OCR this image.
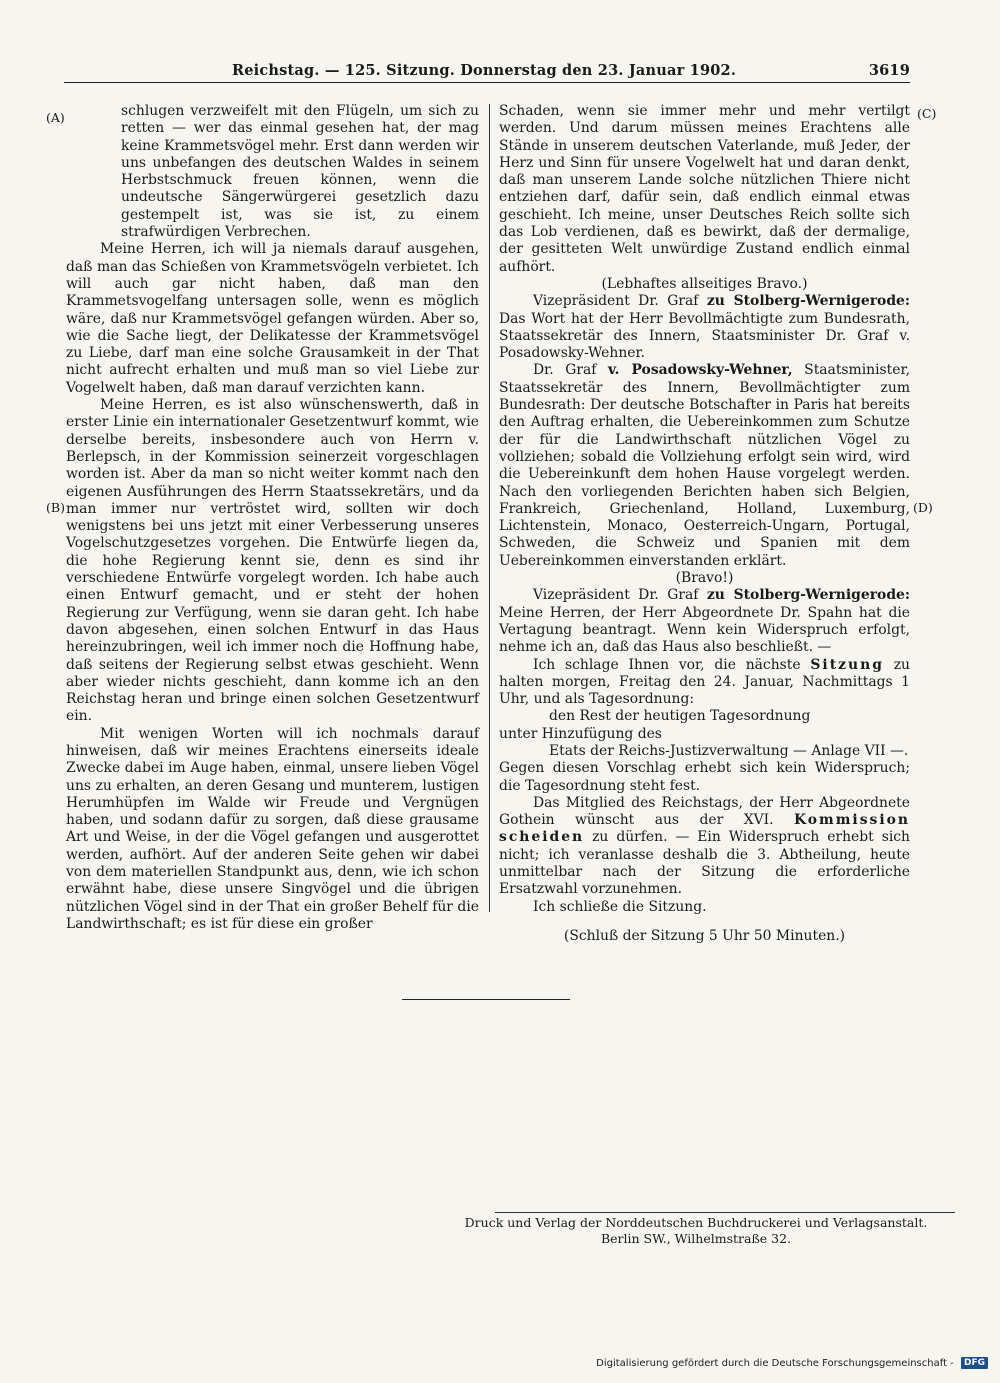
Reichstag. — 125. Sitzung. Donnerstag den 23. Januar 1902.	3619
(A)
(B)
(C)
(D)

schlugen verzweifelt mit den Flügeln, um sich zu retten — wer das einmal gesehen hat, der mag keine Krammetsvögel mehr. Erst dann werden wir uns unbefangen des deutschen Waldes in seinem Herbstschmuck freuen können, wenn die undeutsche Sängerwürgerei gesetzlich dazu gestempelt ist, was sie ist, zu einem strafwürdigen Verbrechen.

Meine Herren, ich will ja niemals darauf ausgehen, daß man das Schießen von Krammetsvögeln verbietet. Ich will auch gar nicht haben, daß man den Krammetsvogelfang untersagen solle, wenn es möglich wäre, daß nur Krammetsvögel gefangen würden. Aber so, wie die Sache liegt, der Delikatesse der Krammetsvögel zu Liebe, darf man eine solche Grausamkeit in der That nicht aufrecht erhalten und muß man so viel Liebe zur Vogelwelt haben, daß man darauf verzichten kann.

Meine Herren, es ist also wünschenswerth, daß in erster Linie ein internationaler Gesetzentwurf kommt, wie derselbe bereits, insbesondere auch von Herrn v. Berlepsch, in der Kommission seinerzeit vorgeschlagen worden ist. Aber da man so nicht weiter kommt nach den eigenen Ausführungen des Herrn Staatssekretärs, und da man immer nur vertröstet wird, sollten wir doch wenigstens bei uns jetzt mit einer Verbesserung unseres Vogelschutzgesetzes vorgehen. Die Entwürfe liegen da, die hohe Regierung kennt sie, denn es sind ihr verschiedene Entwürfe vorgelegt worden. Ich habe auch einen Entwurf gemacht, und er steht der hohen Regierung zur Verfügung, wenn sie daran geht. Ich habe davon abgesehen, einen solchen Entwurf in das Haus hereinzubringen, weil ich immer noch die Hoffnung habe, daß seitens der Regierung selbst etwas geschieht. Wenn aber wieder nichts geschieht, dann komme ich an den Reichstag heran und bringe einen solchen Gesetzentwurf ein.

Mit wenigen Worten will ich nochmals darauf hinweisen, daß wir meines Erachtens einerseits ideale Zwecke dabei im Auge haben, einmal, unsere lieben Vögel uns zu erhalten, an deren Gesang und munterem, lustigen Herumhüpfen im Walde wir Freude und Vergnügen haben, und sodann dafür zu sorgen, daß diese grausame Art und Weise, in der die Vögel gefangen und ausgerottet werden, aufhört. Auf der anderen Seite gehen wir dabei von dem materiellen Standpunkt aus, denn, wie ich schon erwähnt habe, diese unsere Singvögel und die übrigen nützlichen Vögel sind in der That ein großer Behelf für die Landwirthschaft; es ist für diese ein großer

Schaden, wenn sie immer mehr und mehr vertilgt werden. Und darum müssen meines Erachtens alle Stände in unserem deutschen Vaterlande, muß Jeder, der Herz und Sinn für unsere Vogelwelt hat und daran denkt, daß man unserem Lande solche nützlichen Thiere nicht entziehen darf, dafür sein, daß endlich einmal etwas geschieht. Ich meine, unser Deutsches Reich sollte sich das Lob verdienen, daß es bewirkt, daß der dermalige, der gesitteten Welt unwürdige Zustand endlich einmal aufhört.

(Lebhaftes allseitiges Bravo.)

Vizepräsident Dr. Graf zu Stolberg-Wernigerode: Das Wort hat der Herr Bevollmächtigte zum Bundesrath, Staatssekretär des Innern, Staatsminister Dr. Graf v. Posadowsky-Wehner.

Dr. Graf v. Posadowsky-Wehner, Staatsminister, Staatssekretär des Innern, Bevollmächtigter zum Bundesrath: Der deutsche Botschafter in Paris hat bereits den Auftrag erhalten, die Uebereinkommen zum Schutze der für die Landwirthschaft nützlichen Vögel zu vollziehen; sobald die Vollziehung erfolgt sein wird, wird die Uebereinkunft dem hohen Hause vorgelegt werden. Nach den vorliegenden Berichten haben sich Belgien, Frankreich, Griechenland, Holland, Luxemburg, Lichtenstein, Monaco, Oesterreich-Ungarn, Portugal, Schweden, die Schweiz und Spanien mit dem Uebereinkommen einverstanden erklärt.

(Bravo!)

Vizepräsident Dr. Graf zu Stolberg-Wernigerode: Meine Herren, der Herr Abgeordnete Dr. Spahn hat die Vertagung beantragt. Wenn kein Widerspruch erfolgt, nehme ich an, daß das Haus also beschließt. —

Ich schlage Ihnen vor, die nächste Sitzung zu halten morgen, Freitag den 24. Januar, Nachmittags 1 Uhr, und als Tagesordnung:

den Rest der heutigen Tagesordnung

unter Hinzufügung des

Etats der Reichs-Justizverwaltung — Anlage VII —.

Gegen diesen Vorschlag erhebt sich kein Widerspruch; die Tagesordnung steht fest.

Das Mitglied des Reichstags, der Herr Abgeordnete Gothein wünscht aus der XVI. Kommission scheiden zu dürfen. — Ein Widerspruch erhebt sich nicht; ich veranlasse deshalb die 3. Abtheilung, heute unmittelbar nach der Sitzung die erforderliche Ersatzwahl vorzunehmen.

Ich schließe die Sitzung.

(Schluß der Sitzung 5 Uhr 50 Minuten.)

Druck und Verlag der Norddeutschen Buchdruckerei und Verlagsanstalt.
Berlin SW., Wilhelmstraße 32.
Digitalisierung gefördert durch die Deutsche Forschungsgemeinschaft - DFG
